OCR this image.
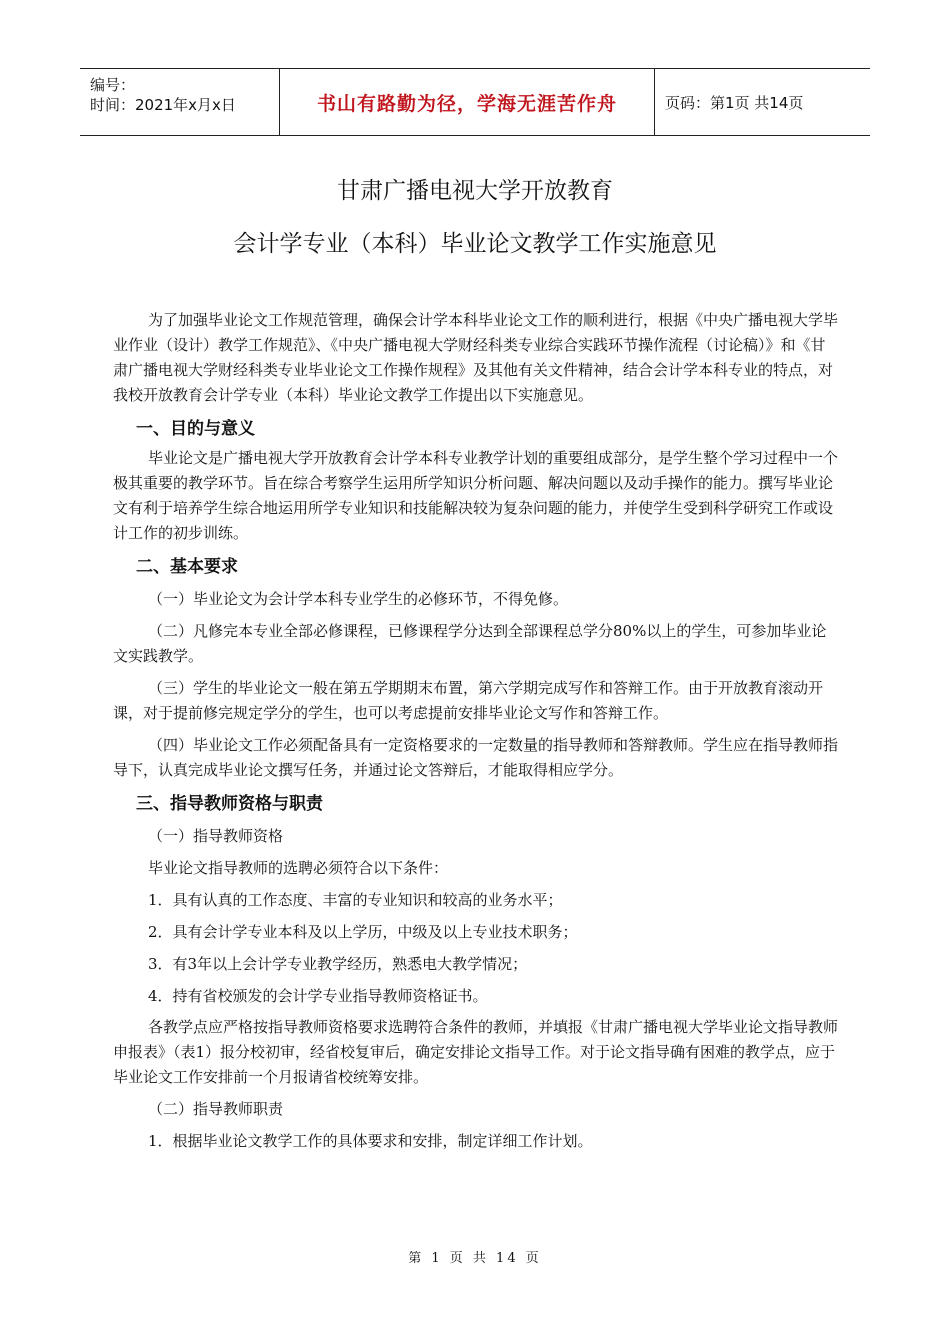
编号：
时间：2021年x月x日	书山有路勤为径，学海无涯苦作舟	页码：第1页 共14页
甘肃广播电视大学开放教育
会计学专业（本科）毕业论文教学工作实施意见

为了加强毕业论文工作规范管理，确保会计学本科毕业论文工作的顺利进行，根据《中央广播电视大学毕业作业（设计）教学工作规范》、《中央广播电视大学财经科类专业综合实践环节操作流程（讨论稿）》和《甘肃广播电视大学财经科类专业毕业论文工作操作规程》及其他有关文件精神，结合会计学本科专业的特点，对我校开放教育会计学专业（本科）毕业论文教学工作提出以下实施意见。

一、目的与意义

毕业论文是广播电视大学开放教育会计学本科专业教学计划的重要组成部分，是学生整个学习过程中一个极其重要的教学环节。旨在综合考察学生运用所学知识分析问题、解决问题以及动手操作的能力。撰写毕业论文有利于培养学生综合地运用所学专业知识和技能解决较为复杂问题的能力，并使学生受到科学研究工作或设计工作的初步训练。

二、基本要求

（一）毕业论文为会计学本科专业学生的必修环节，不得免修。

（二）凡修完本专业全部必修课程，已修课程学分达到全部课程总学分80%以上的学生，可参加毕业论文实践教学。

（三）学生的毕业论文一般在第五学期期末布置，第六学期完成写作和答辩工作。由于开放教育滚动开课，对于提前修完规定学分的学生，也可以考虑提前安排毕业论文写作和答辩工作。

（四）毕业论文工作必须配备具有一定资格要求的一定数量的指导教师和答辩教师。学生应在指导教师指导下，认真完成毕业论文撰写任务，并通过论文答辩后，才能取得相应学分。

三、指导教师资格与职责

（一）指导教师资格

毕业论文指导教师的选聘必须符合以下条件：

1．具有认真的工作态度、丰富的专业知识和较高的业务水平；

2．具有会计学专业本科及以上学历，中级及以上专业技术职务；

3．有3年以上会计学专业教学经历，熟悉电大教学情况；

4．持有省校颁发的会计学专业指导教师资格证书。

各教学点应严格按指导教师资格要求选聘符合条件的教师，并填报《甘肃广播电视大学毕业论文指导教师申报表》（表1）报分校初审，经省校复审后，确定安排论文指导工作。对于论文指导确有困难的教学点，应于毕业论文工作安排前一个月报请省校统筹安排。

（二）指导教师职责

1．根据毕业论文教学工作的具体要求和安排，制定详细工作计划。

第 1 页 共 14 页
